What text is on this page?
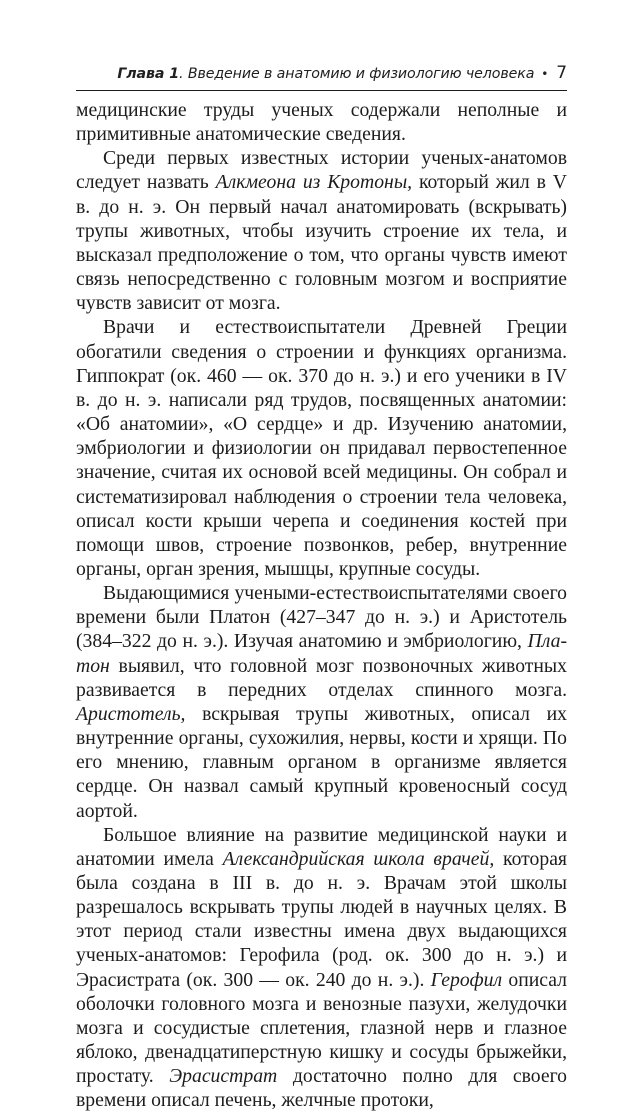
Глава 1. Введение в анатомию и физиологию человека • 7

медицинские труды ученых содержали неполные и примитивные анатомические сведения.

Среди первых известных истории ученых-анатомов следует назвать Алкмеона из Кротоны, который жил в V в. до н. э. Он первый начал анатомировать (вскрывать) трупы животных, чтобы изучить строение их тела, и высказал предположение о том, что органы чувств имеют связь непосредственно с головным мозгом и восприятие чувств зависит от мозга.

Врачи и естествоиспытатели Древней Греции обогатили сведения о строении и функциях организма. Гиппократ (ок. 460 — ок. 370 до н. э.) и его ученики в IV в. до н. э. написали ряд трудов, посвященных анатомии: «Об анатомии», «О сердце» и др. Изучению анатомии, эмбриологии и физиологии он придавал первостепенное значение, считая их основой всей медицины. Он собрал и систематизировал наблюдения о строении тела человека, описал кости крыши черепа и соединения костей при помощи швов, строение позвонков, ребер, внутренние органы, орган зрения, мышцы, крупные сосуды.

Выдающимися учеными-естествоиспытателями своего времени были Платон (427–347 до н. э.) и Аристотель (384–322 до н. э.). Изучая анатомию и эмбриологию, Платон выявил, что головной мозг позвоночных животных развивается в передних отделах спинного мозга. Аристотель, вскрывая трупы животных, описал их внутренние органы, сухожилия, нервы, кости и хрящи. По его мнению, главным органом в организме является сердце. Он назвал самый крупный кровеносный сосуд аортой.

Большое влияние на развитие медицинской науки и анатомии имела Александрийская школа врачей, которая была создана в III в. до н. э. Врачам этой школы разрешалось вскрывать трупы людей в научных целях. В этот период стали известны имена двух выдающихся ученых-анатомов: Герофила (род. ок. 300 до н. э.) и Эрасистрата (ок. 300 — ок. 240 до н. э.). Герофил описал оболочки головного мозга и венозные пазухи, желудочки мозга и сосудистые сплетения, глазной нерв и глазное яблоко, двенадцатиперстную кишку и сосуды брыжейки, простату. Эрасистрат достаточно полно для своего времени описал печень, желчные протоки,
